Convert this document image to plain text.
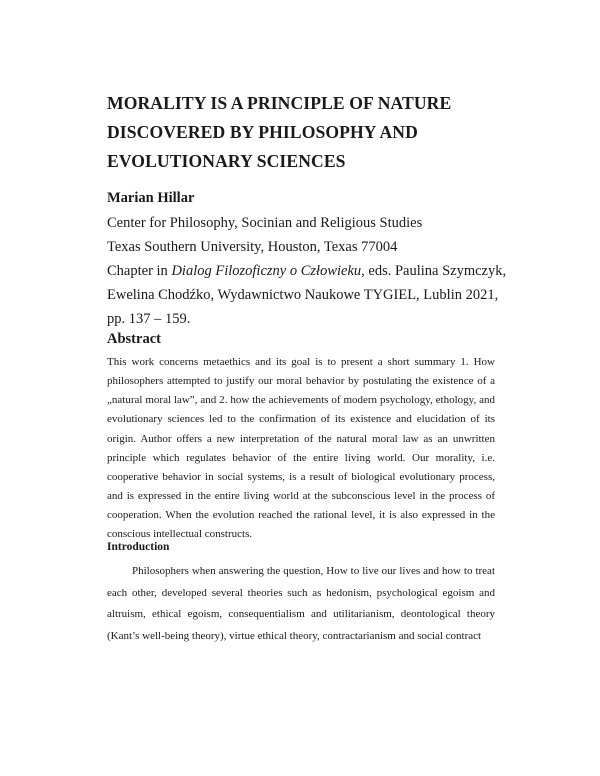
MORALITY IS A PRINCIPLE OF NATURE
DISCOVERED BY PHILOSOPHY AND
EVOLUTIONARY SCIENCES

Marian Hillar

Center for Philosophy, Socinian and Religious Studies

Texas Southern University, Houston, Texas 77004

Chapter in Dialog Filozoficzny o Człowieku, eds. Paulina Szymczyk,

Ewelina Chodźko, Wydawnictwo Naukowe TYGIEL, Lublin 2021,

pp. 137 – 159.

Abstract

This work concerns metaethics and its goal is to present a short summary 1. How philosophers attempted to justify our moral behavior by postulating the existence of a „natural moral law”, and 2. how the achievements of modern psychology, ethology, and evolutionary sciences led to the confirmation of its existence and elucidation of its origin. Author offers a new interpretation of the natural moral law as an unwritten principle which regulates behavior of the entire living world. Our morality, i.e. cooperative behavior in social systems, is a result of biological evolutionary process, and is expressed in the entire living world at the subconscious level in the process of cooperation. When the evolution reached the rational level, it is also expressed in the conscious intellectual constructs.

Introduction

Philosophers when answering the question, How to live our lives and how to treat each other, developed several theories such as hedonism, psychological egoism and altruism, ethical egoism, consequentialism and utilitarianism, deontological theory (Kant’s well-being theory), virtue ethical theory, contractarianism and social contract
